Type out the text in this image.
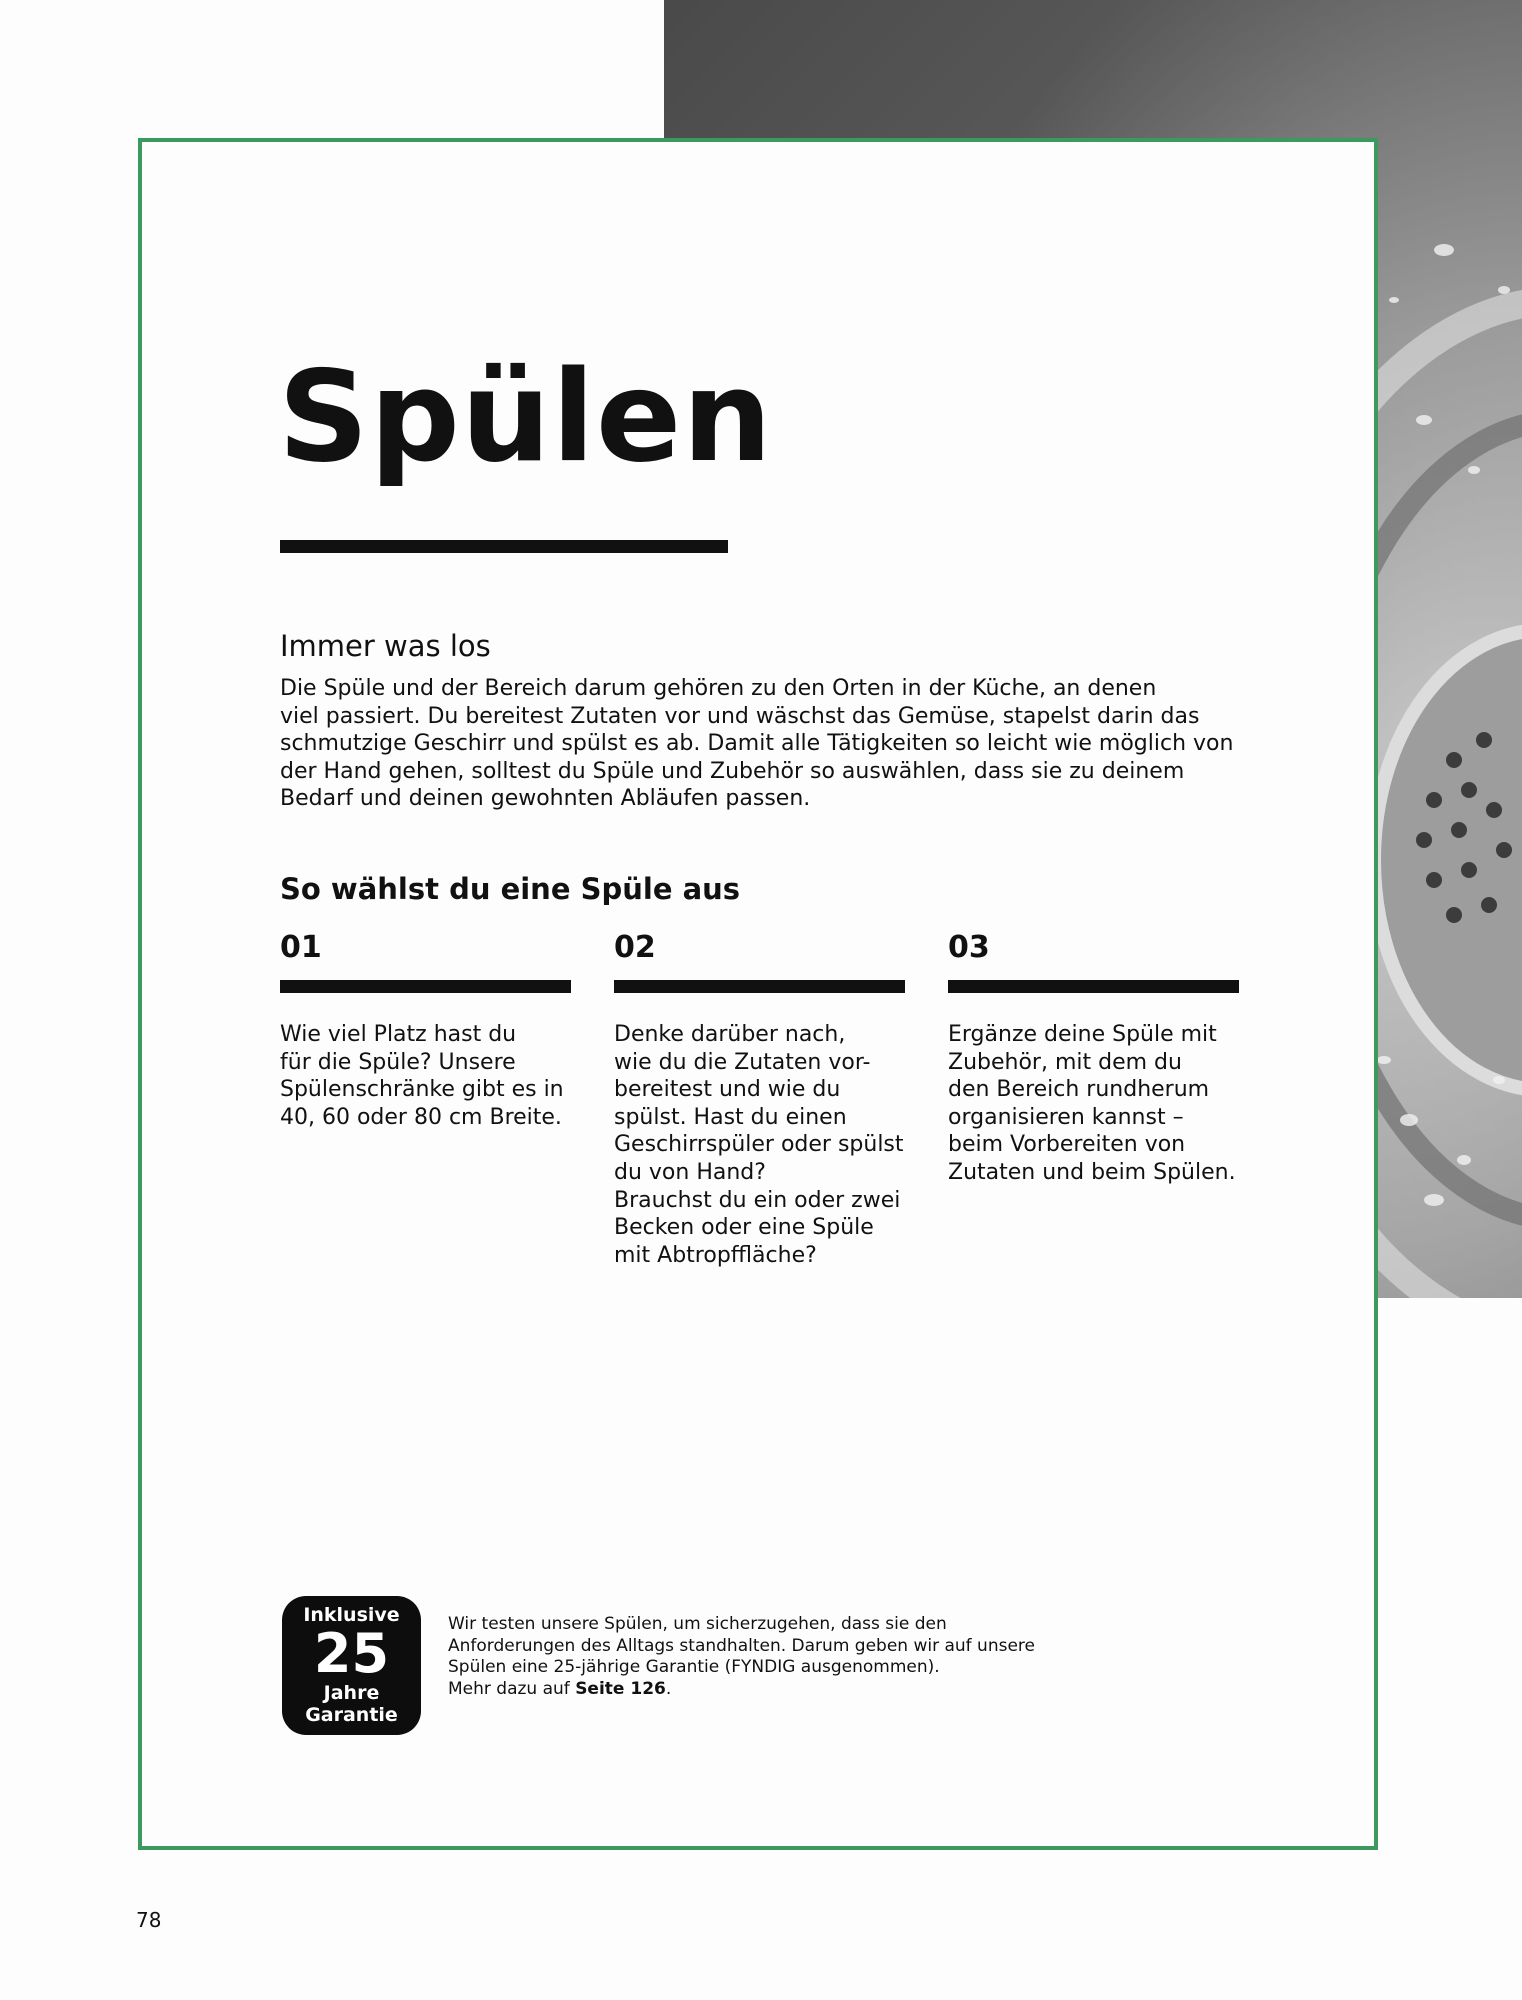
Spülen
Immer was los

Die Spüle und der Bereich darum gehören zu den Orten in der Küche, an denen
viel passiert. Du bereitest Zutaten vor und wäschst das Gemüse, stapelst darin das
schmutzige Geschirr und spülst es ab. Damit alle Tätigkeiten so leicht wie möglich von
der Hand gehen, solltest du Spüle und Zubehör so auswählen, dass sie zu deinem
Bedarf und deinen gewohnten Abläufen passen.

So wählst du eine Spüle aus
01
Wie viel Platz hast du
für die Spüle? Unsere
Spülenschränke gibt es in
40, 60 oder 80 cm Breite.
02
Denke darüber nach,
wie du die Zutaten vor-
bereitest und wie du
spülst. Hast du einen
Geschirrspüler oder spülst
du von Hand?
Brauchst du ein oder zwei
Becken oder eine Spüle
mit Abtropffläche?
03
Ergänze deine Spüle mit
Zubehör, mit dem du
den Bereich rundherum
organisieren kannst –
beim Vorbereiten von
Zutaten und beim Spülen.
Inklusive
25
Jahre
Garantie

Wir testen unsere Spülen, um sicherzugehen, dass sie den
Anforderungen des Alltags standhalten. Darum geben wir auf unsere
Spülen eine 25-jährige Garantie (FYNDIG ausgenommen).
Mehr dazu auf Seite 126.

78
